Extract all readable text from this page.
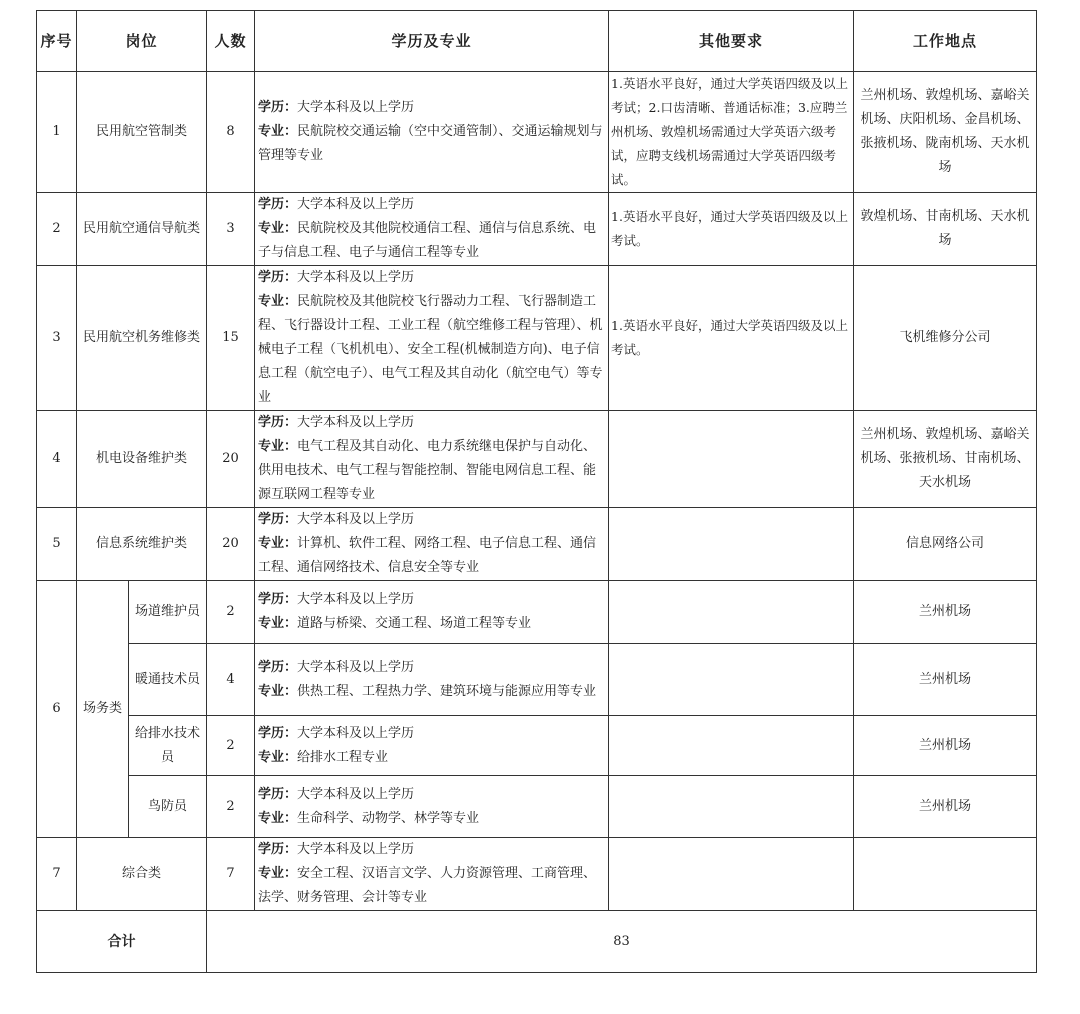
序号	岗位		人数	学历及专业	其他要求	工作地点
1	民用航空管制类		8	学历：大学本科及以上学历
专业：民航院校交通运输（空中交通管制）、交通运输规划与管理等专业	1.英语水平良好，通过大学英语四级及以上考试；2.口齿清晰、普通话标准；3.应聘兰州机场、敦煌机场需通过大学英语六级考试，应聘支线机场需通过大学英语四级考试。	兰州机场、敦煌机场、嘉峪关机场、庆阳机场、金昌机场、张掖机场、陇南机场、天水机场
2	民用航空通信导航类		3	学历：大学本科及以上学历
专业：民航院校及其他院校通信工程、通信与信息系统、电子与信息工程、电子与通信工程等专业	1.英语水平良好，通过大学英语四级及以上考试。	敦煌机场、甘南机场、天水机场
3	民用航空机务维修类		15	学历：大学本科及以上学历
专业：民航院校及其他院校飞行器动力工程、飞行器制造工程、飞行器设计工程、工业工程（航空维修工程与管理）、机械电子工程（飞机机电）、安全工程(机械制造方向)、电子信息工程（航空电子）、电气工程及其自动化（航空电气）等专业	1.英语水平良好，通过大学英语四级及以上考试。	飞机维修分公司
4	机电设备维护类		20	学历：大学本科及以上学历
专业：电气工程及其自动化、电力系统继电保护与自动化、供用电技术、电气工程与智能控制、智能电网信息工程、能源互联网工程等专业		兰州机场、敦煌机场、嘉峪关机场、张掖机场、甘南机场、天水机场
5	信息系统维护类		20	学历：大学本科及以上学历
专业：计算机、软件工程、网络工程、电子信息工程、通信工程、通信网络技术、信息安全等专业		信息网络公司
6	场务类	场道维护员	2	学历：大学本科及以上学历
专业：道路与桥梁、交通工程、场道工程等专业		兰州机场
		暖通技术员	4	学历：大学本科及以上学历
专业：供热工程、工程热力学、建筑环境与能源应用等专业		兰州机场
		给排水技术员	2	学历：大学本科及以上学历
专业：给排水工程专业		兰州机场
		鸟防员	2	学历：大学本科及以上学历
专业：生命科学、动物学、林学等专业		兰州机场
7	综合类		7	学历：大学本科及以上学历
专业：安全工程、汉语言文学、人力资源管理、工商管理、法学、财务管理、会计等专业		
合计			83			
